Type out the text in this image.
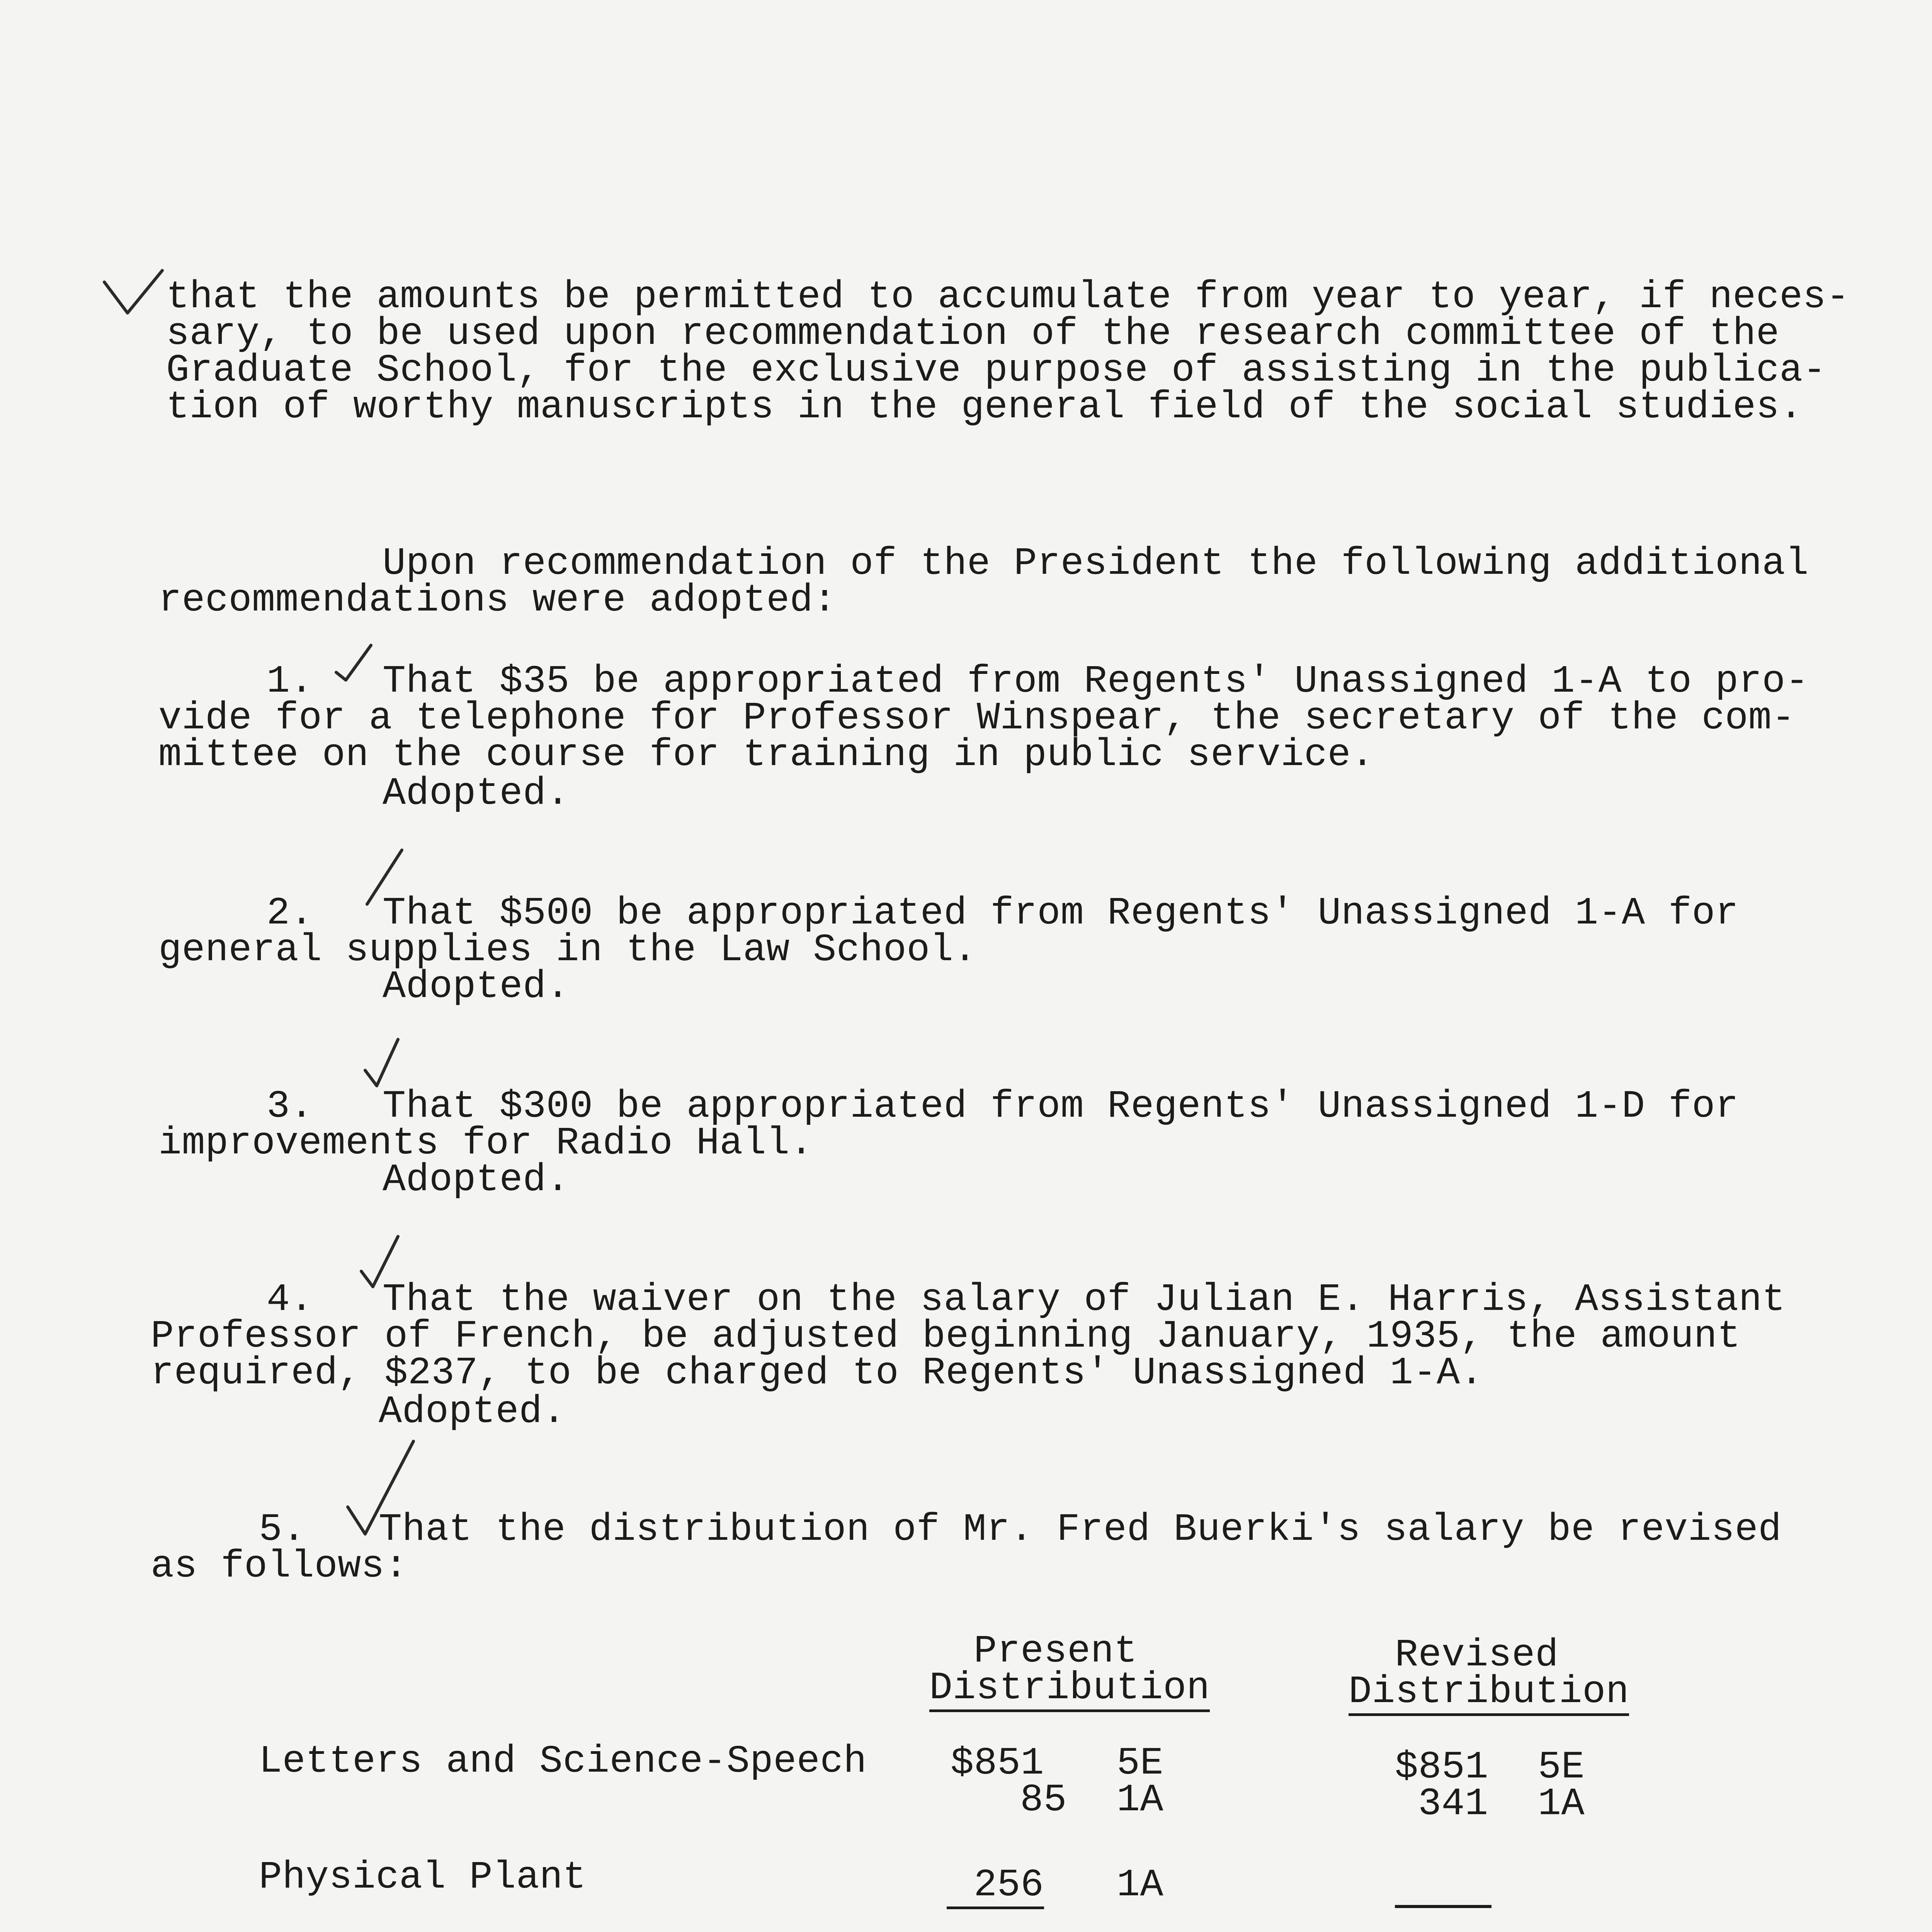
that the amounts be permitted to accumulate from year to year, if neces-
sary, to be used upon recommendation of the research committee of the
Graduate School, for the exclusive purpose of assisting in the publica-
tion of worthy manuscripts in the general field of the social studies.
Upon recommendation of the President the following additional
recommendations were adopted:
1. That $35 be appropriated from Regents' Unassigned 1-A to pro-
vide for a telephone for Professor Winspear, the secretary of the com-
mittee on the course for training in public service.
Adopted.
2. That $500 be appropriated from Regents' Unassigned 1-A for
general supplies in the Law School.
Adopted.
3. That $300 be appropriated from Regents' Unassigned 1-D for
improvements for Radio Hall.
Adopted.
4. That the waiver on the salary of Julian E. Harris, Assistant
Professor of French, be adjusted beginning January, 1935, the amount
required, $237, to be charged to Regents' Unassigned 1-A.
Adopted.
5. That the distribution of Mr. Fred Buerki's salary be revised
as follows:
Present
Distribution
Revised
Distribution
Letters and Science-Speech $851 5E
85 1A
$851 5E
341 1A
Physical Plant	256 1A
